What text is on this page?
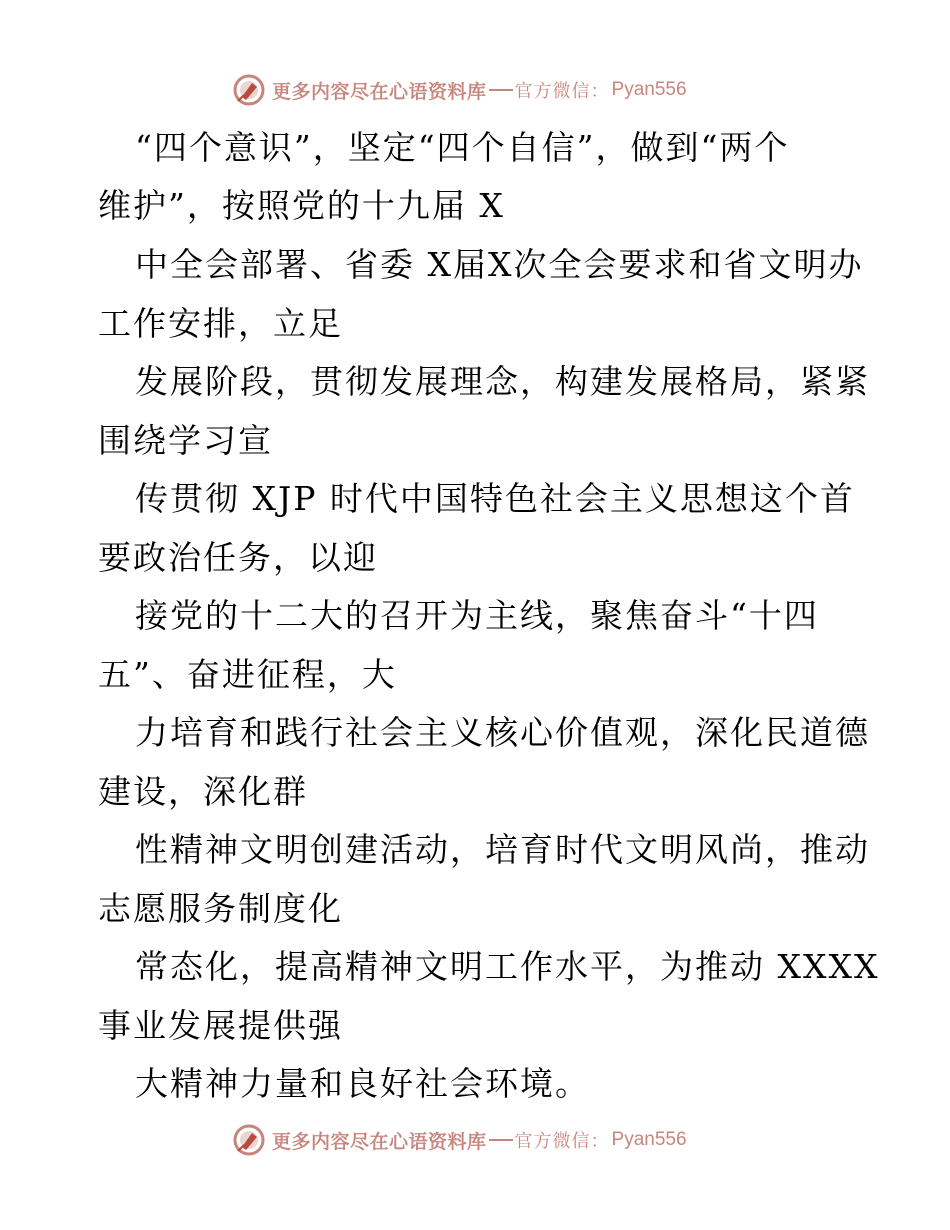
更多内容尽在心语资料库 官方微信： Pyan556
“四个意识”，坚定“四个自信”，做到“两个
维护”，按照党的十九届 X
中全会部署、省委 X届X次全会要求和省文明办
工作安排，立足
发展阶段，贯彻发展理念，构建发展格局，紧紧
围绕学习宣
传贯彻 XJP 时代中国特色社会主义思想这个首
要政治任务，以迎
接党的十二大的召开为主线，聚焦奋斗“十四
五”、奋进征程，大
力培育和践行社会主义核心价值观，深化民道德
建设，深化群
性精神文明创建活动，培育时代文明风尚，推动
志愿服务制度化
常态化，提高精神文明工作水平，为推动 XXXX
事业发展提供强
大精神力量和良好社会环境。
更多内容尽在心语资料库 官方微信： Pyan556
